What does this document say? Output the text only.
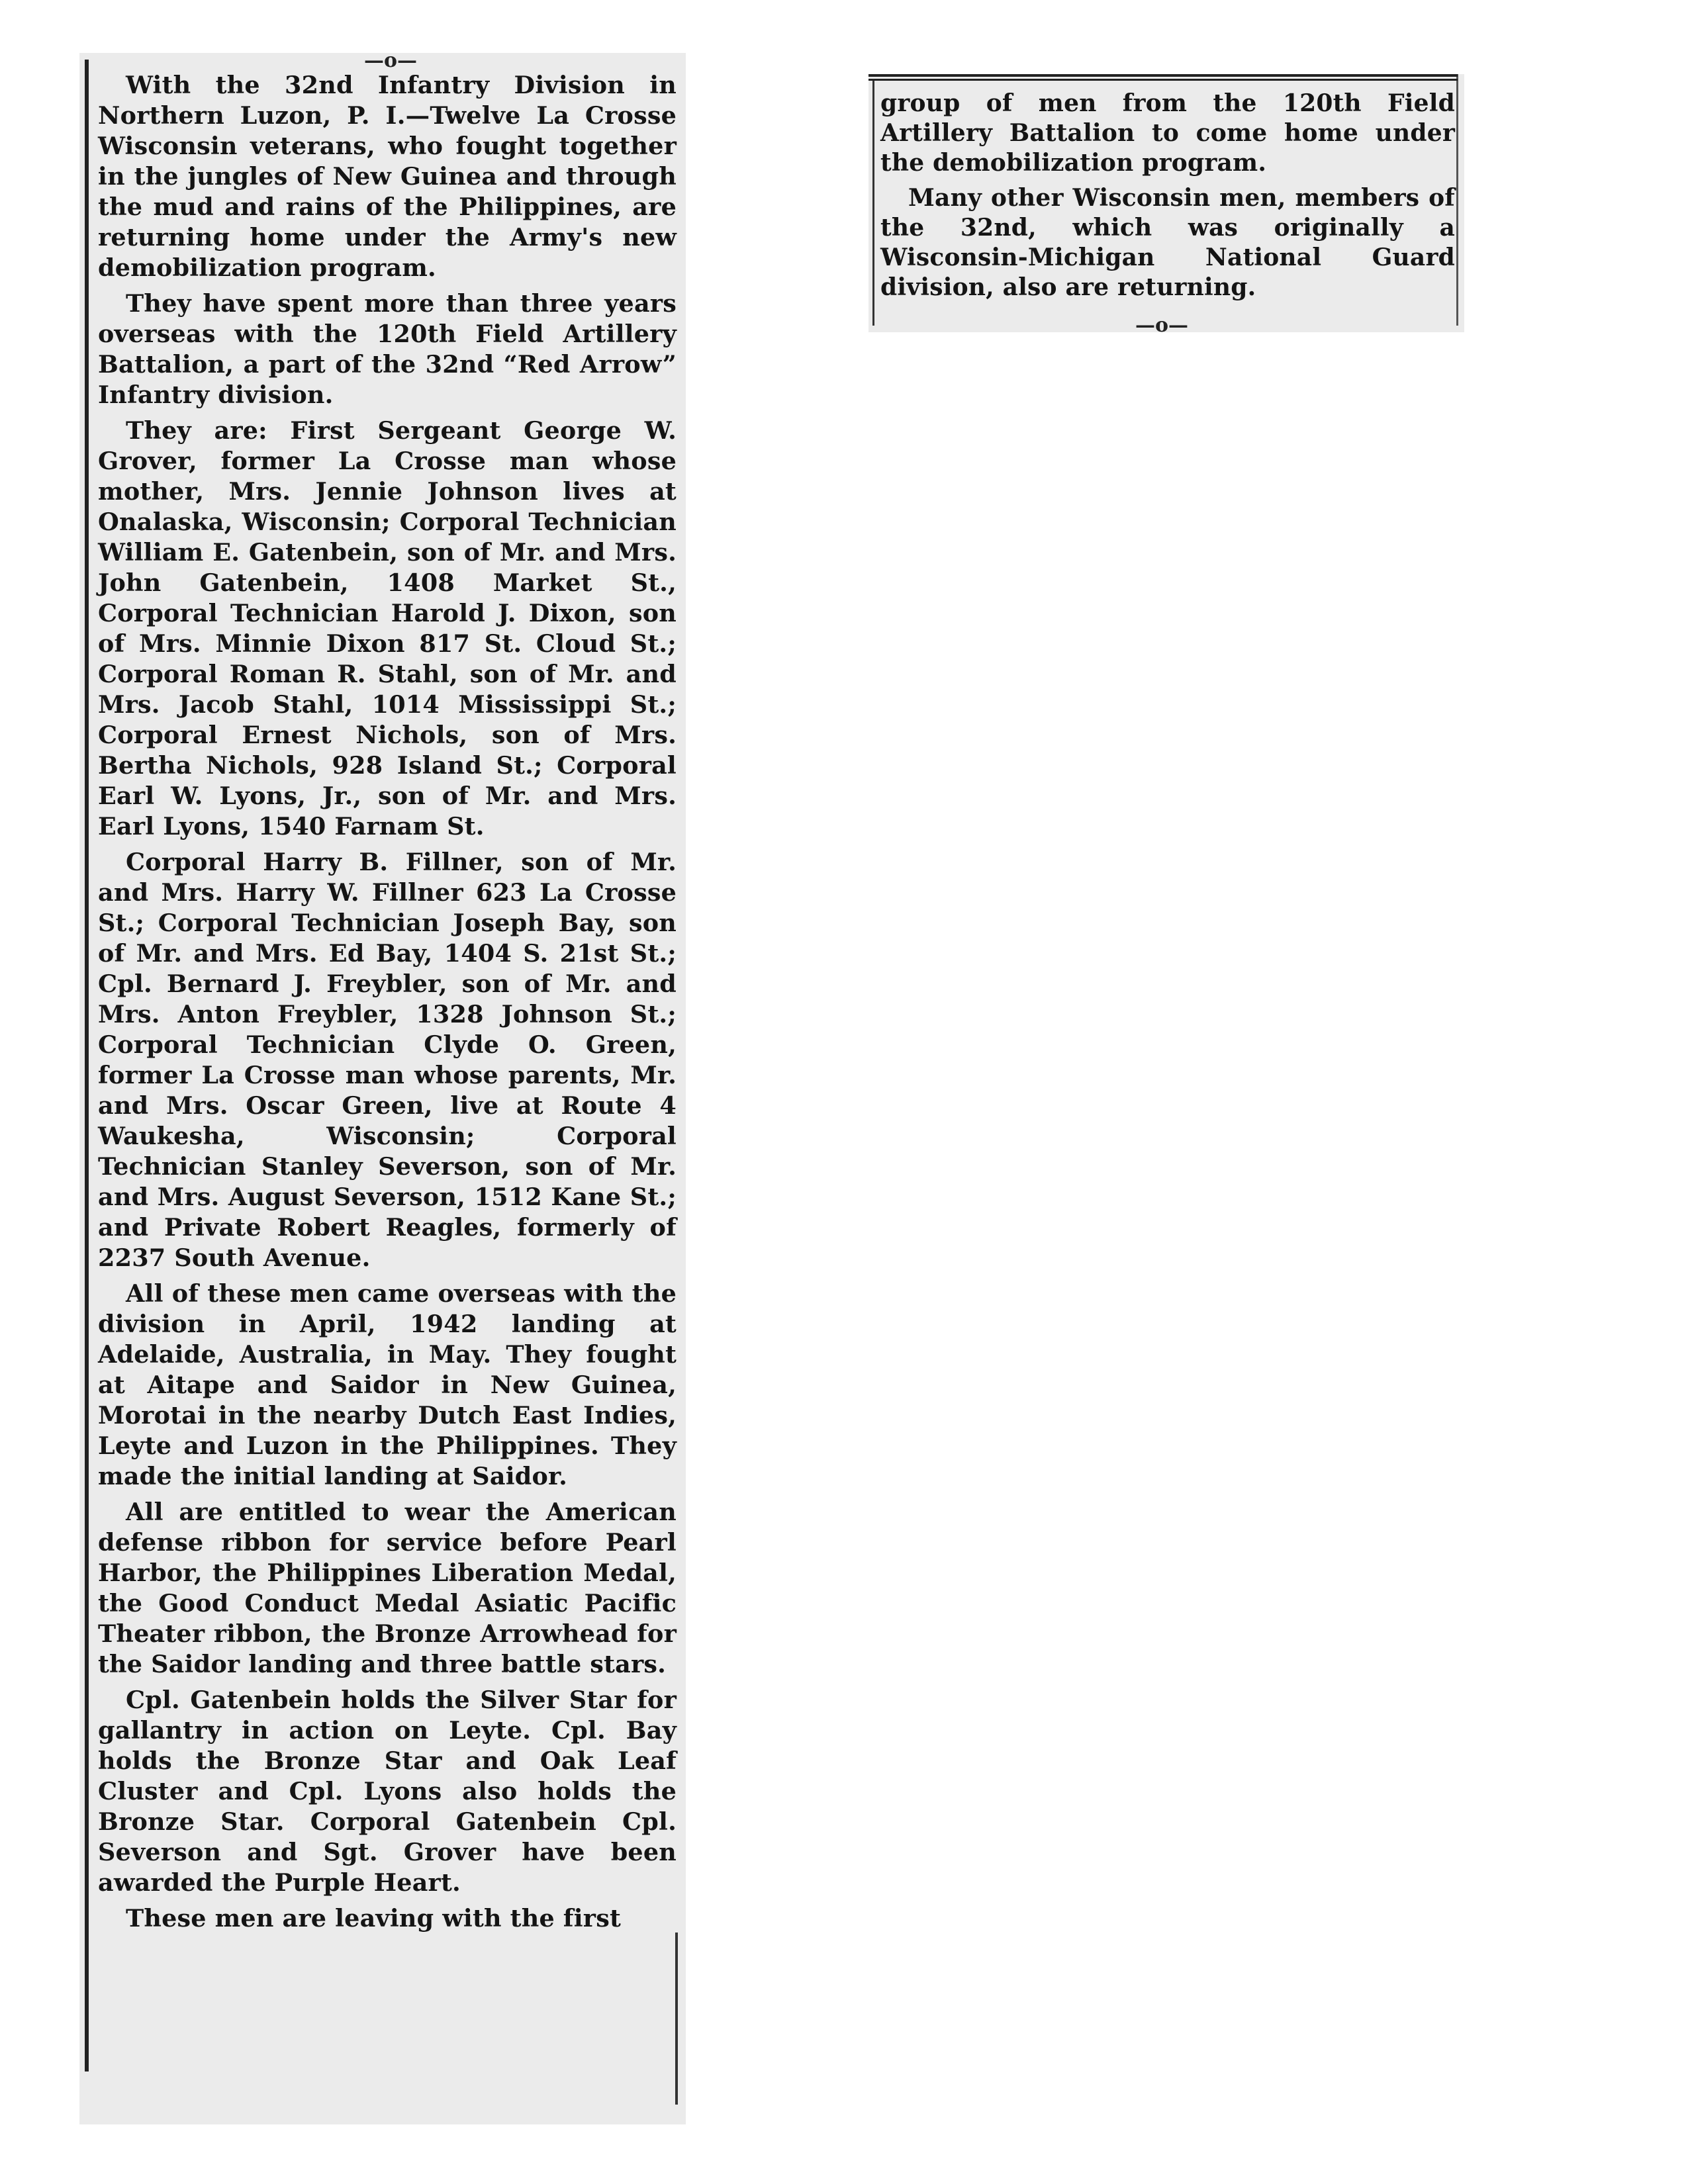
With the 32nd Infantry Division in Northern Luzon, P. I.—Twelve La Crosse Wisconsin veterans, who fought together in the jungles of New Guinea and through the mud and rains of the Philippines, are returning home under the Army's new demobilization program.

They have spent more than three years overseas with the 120th Field Artillery Battalion, a part of the 32nd “Red Arrow” Infantry division.

They are: First Sergeant George W. Grover, former La Crosse man whose mother, Mrs. Jennie Johnson lives at Onalaska, Wisconsin; Corporal Technician William E. Gatenbein, son of Mr. and Mrs. John Gatenbein, 1408 Market St., Corporal Technician Harold J. Dixon, son of Mrs. Minnie Dixon 817 St. Cloud St.; Corporal Roman R. Stahl, son of Mr. and Mrs. Jacob Stahl, 1014 Mississippi St.; Corporal Ernest Nichols, son of Mrs. Bertha Nichols, 928 Island St.; Corporal Earl W. Lyons, Jr., son of Mr. and Mrs. Earl Lyons, 1540 Farnam St.

Corporal Harry B. Fillner, son of Mr. and Mrs. Harry W. Fillner 623 La Crosse St.; Corporal Technician Joseph Bay, son of Mr. and Mrs. Ed Bay, 1404 S. 21st St.; Cpl. Bernard J. Freybler, son of Mr. and Mrs. Anton Freybler, 1328 Johnson St.; Corporal Technician Clyde O. Green, former La Crosse man whose parents, Mr. and Mrs. Oscar Green, live at Route 4 Waukesha, Wisconsin; Corporal Technician Stanley Severson, son of Mr. and Mrs. August Severson, 1512 Kane St.; and Private Robert Reagles, formerly of 2237 South Avenue.

All of these men came overseas with the division in April, 1942 landing at Adelaide, Australia, in May. They fought at Aitape and Saidor in New Guinea, Morotai in the nearby Dutch East Indies, Leyte and Luzon in the Philippines. They made the initial landing at Saidor.

All are entitled to wear the American defense ribbon for service before Pearl Harbor, the Philippines Liberation Medal, the Good Conduct Medal Asiatic Pacific Theater ribbon, the Bronze Arrowhead for the Saidor landing and three battle stars.

Cpl. Gatenbein holds the Silver Star for gallantry in action on Leyte. Cpl. Bay holds the Bronze Star and Oak Leaf Cluster and Cpl. Lyons also holds the Bronze Star. Corporal Gatenbein Cpl. Severson and Sgt. Grover have been awarded the Purple Heart.

These men are leaving with the first

group of men from the 120th Field Artillery Battalion to come home under the demobilization program.

Many other Wisconsin men, members of the 32nd, which was originally a Wisconsin-Michigan National Guard division, also are returning.

—o—
—o—
